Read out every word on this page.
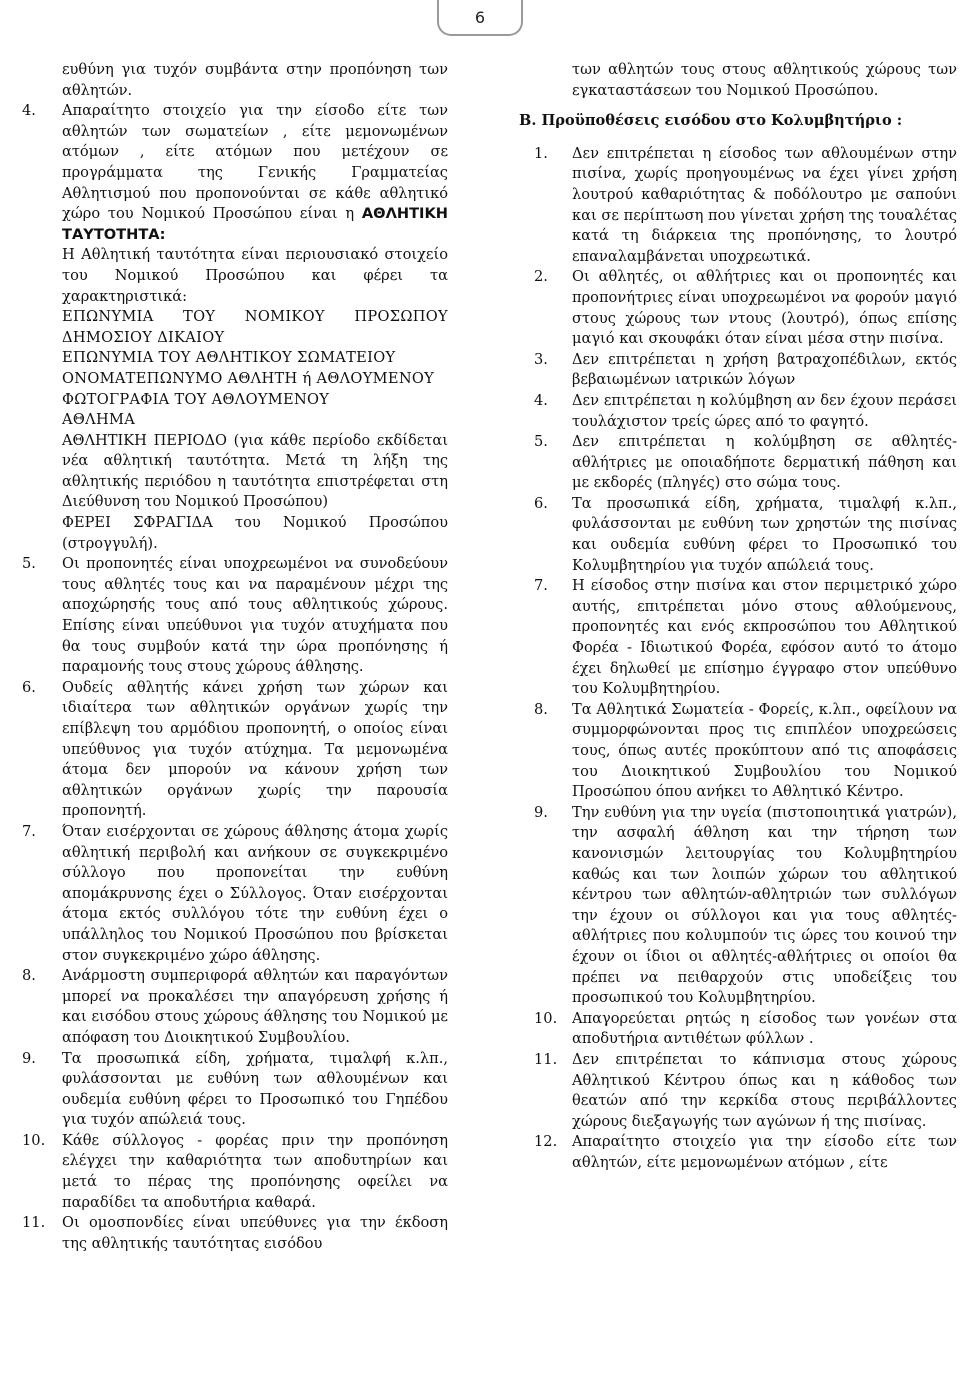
6

ευθύνη για τυχόν συμβάντα στην προπόνηση των αθλητών.

4.	Απαραίτητο στοιχείο για την είσοδο είτε των αθλητών των σωματείων , είτε μεμονωμένων ατόμων , είτε ατόμων που μετέχουν σε προγράμματα της Γενικής Γραμματείας Αθλητισμού που προπονούνται σε κάθε αθλητικό χώρο του Νομικού Προσώπου είναι η ΑΘΛΗΤΙΚΗ ΤΑΥΤΟΤΗΤΑ:
Η Αθλητική ταυτότητα είναι περιουσιακό στοιχείο του Νομικού Προσώπου και φέρει τα χαρακτηριστικά:
ΕΠΩΝΥΜΙΑ ΤΟΥ ΝΟΜΙΚΟΥ ΠΡΟΣΩΠΟΥ ΔΗΜΟΣΙΟΥ ΔΙΚΑΙΟΥ
ΕΠΩΝΥΜΙΑ ΤΟΥ ΑΘΛΗΤΙΚΟΥ ΣΩΜΑΤΕΙΟΥ
ΟΝΟΜΑΤΕΠΩΝΥΜΟ ΑΘΛΗΤΗ ή ΑΘΛΟΥΜΕΝΟΥ
ΦΩΤΟΓΡΑΦΙΑ ΤΟΥ ΑΘΛΟΥΜΕΝΟΥ
ΑΘΛΗΜΑ
ΑΘΛΗΤΙΚΗ ΠΕΡΙΟΔΟ (για κάθε περίοδο εκδίδεται νέα αθλητική ταυτότητα. Μετά τη λήξη της αθλητικής περιόδου η ταυτότητα επιστρέφεται στη Διεύθυνση του Νομικού Προσώπου)
ΦΕΡΕΙ ΣΦΡΑΓΙΔΑ του Νομικού Προσώπου (στρογγυλή).
5.	Οι προπονητές είναι υποχρεωμένοι να συνοδεύουν τους αθλητές τους και να παραμένουν μέχρι της αποχώρησής τους από τους αθλητικούς χώρους. Επίσης είναι υπεύθυνοι για τυχόν ατυχήματα που θα τους συμβούν κατά την ώρα προπόνησης ή παραμονής τους στους χώρους άθλησης.
6.	Ουδείς αθλητής κάνει χρήση των χώρων και ιδιαίτερα των αθλητικών οργάνων χωρίς την επίβλεψη του αρμόδιου προπονητή, ο οποίος είναι υπεύθυνος για τυχόν ατύχημα. Τα μεμονωμένα άτομα δεν μπορούν να κάνουν χρήση των αθλητικών οργάνων χωρίς την παρουσία προπονητή.
7.	Όταν εισέρχονται σε χώρους άθλησης άτομα χωρίς αθλητική περιβολή και ανήκουν σε συγκεκριμένο σύλλογο που προπονείται την ευθύνη απομάκρυνσης έχει ο Σύλλογος. Όταν εισέρχονται άτομα εκτός συλλόγου τότε την ευθύνη έχει ο υπάλληλος του Νομικού Προσώπου που βρίσκεται στον συγκεκριμένο χώρο άθλησης.
8.	Ανάρμοστη συμπεριφορά αθλητών και παραγόντων μπορεί να προκαλέσει την απαγόρευση χρήσης ή και εισόδου στους χώρους άθλησης του Νομικού με απόφαση του Διοικητικού Συμβουλίου.
9.	Τα προσωπικά είδη, χρήματα, τιμαλφή κ.λπ., φυλάσσονται με ευθύνη των αθλουμένων και ουδεμία ευθύνη φέρει το Προσωπικό του Γηπέδου για τυχόν απώλειά τους.
10.	Κάθε σύλλογος - φορέας πριν την προπόνηση ελέγχει την καθαριότητα των αποδυτηρίων και μετά το πέρας της προπόνησης οφείλει να παραδίδει τα αποδυτήρια καθαρά.
11.	Οι ομοσπονδίες είναι υπεύθυνες για την έκδοση της αθλητικής ταυτότητας εισόδου

των αθλητών τους στους αθλητικούς χώρους των εγκαταστάσεων του Νομικού Προσώπου.

Β. Προϋποθέσεις εισόδου στο Κολυμβητήριο :
1.	Δεν επιτρέπεται η είσοδος των αθλουμένων στην πισίνα, χωρίς προηγουμένως να έχει γίνει χρήση λουτρού καθαριότητας & ποδόλουτρο με σαπούνι και σε περίπτωση που γίνεται χρήση της τουαλέτας κατά τη διάρκεια της προπόνησης, το λουτρό επαναλαμβάνεται υποχρεωτικά.
2.	Οι αθλητές, οι αθλήτριες και οι προπονητές και προπονήτριες είναι υποχρεωμένοι να φορούν μαγιό στους χώρους των ντους (λουτρό), όπως επίσης μαγιό και σκουφάκι όταν είναι μέσα στην πισίνα.
3.	Δεν επιτρέπεται η χρήση βατραχοπέδιλων, εκτός βεβαιωμένων ιατρικών λόγων
4.	Δεν επιτρέπεται η κολύμβηση αν δεν έχουν περάσει τουλάχιστον τρείς ώρες από το φαγητό.
5.	Δεν επιτρέπεται η κολύμβηση σε αθλητές-αθλήτριες με οποιαδήποτε δερματική πάθηση και με εκδορές (πληγές) στο σώμα τους.
6.	Τα προσωπικά είδη, χρήματα, τιμαλφή κ.λπ., φυλάσσονται με ευθύνη των χρηστών της πισίνας και ουδεμία ευθύνη φέρει το Προσωπικό του Κολυμβητηρίου για τυχόν απώλειά τους.
7.	Η είσοδος στην πισίνα και στον περιμετρικό χώρο αυτής, επιτρέπεται μόνο στους αθλούμενους, προπονητές και ενός εκπροσώπου του Αθλητικού Φορέα - Ιδιωτικού Φορέα, εφόσον αυτό το άτομο έχει δηλωθεί με επίσημο έγγραφο στον υπεύθυνο του Κολυμβητηρίου.
8.	Τα Αθλητικά Σωματεία - Φορείς, κ.λπ., οφείλουν να συμμορφώνονται προς τις επιπλέον υποχρεώσεις τους, όπως αυτές προκύπτουν από τις αποφάσεις του Διοικητικού Συμβουλίου του Νομικού Προσώπου όπου ανήκει το Αθλητικό Κέντρο.
9.	Την ευθύνη για την υγεία (πιστοποιητικά γιατρών), την ασφαλή άθληση και την τήρηση των κανονισμών λειτουργίας του Κολυμβητηρίου καθώς και των λοιπών χώρων του αθλητικού κέντρου των αθλητών-αθλητριών των συλλόγων την έχουν οι σύλλογοι και για τους αθλητές-αθλήτριες που κολυμπούν τις ώρες του κοινού την έχουν οι ίδιοι οι αθλητές-αθλήτριες οι οποίοι θα πρέπει να πειθαρχούν στις υποδείξεις του προσωπικού του Κολυμβητηρίου.
10.	Απαγορεύεται ρητώς η είσοδος των γονέων στα αποδυτήρια αντιθέτων φύλλων .
11.	Δεν επιτρέπεται το κάπνισμα στους χώρους Αθλητικού Κέντρου όπως και η κάθοδος των θεατών από την κερκίδα στους περιβάλλοντες χώρους διεξαγωγής των αγώνων ή της πισίνας.
12.	Απαραίτητο στοιχείο για την είσοδο είτε των αθλητών, είτε μεμονωμένων ατόμων , είτε
